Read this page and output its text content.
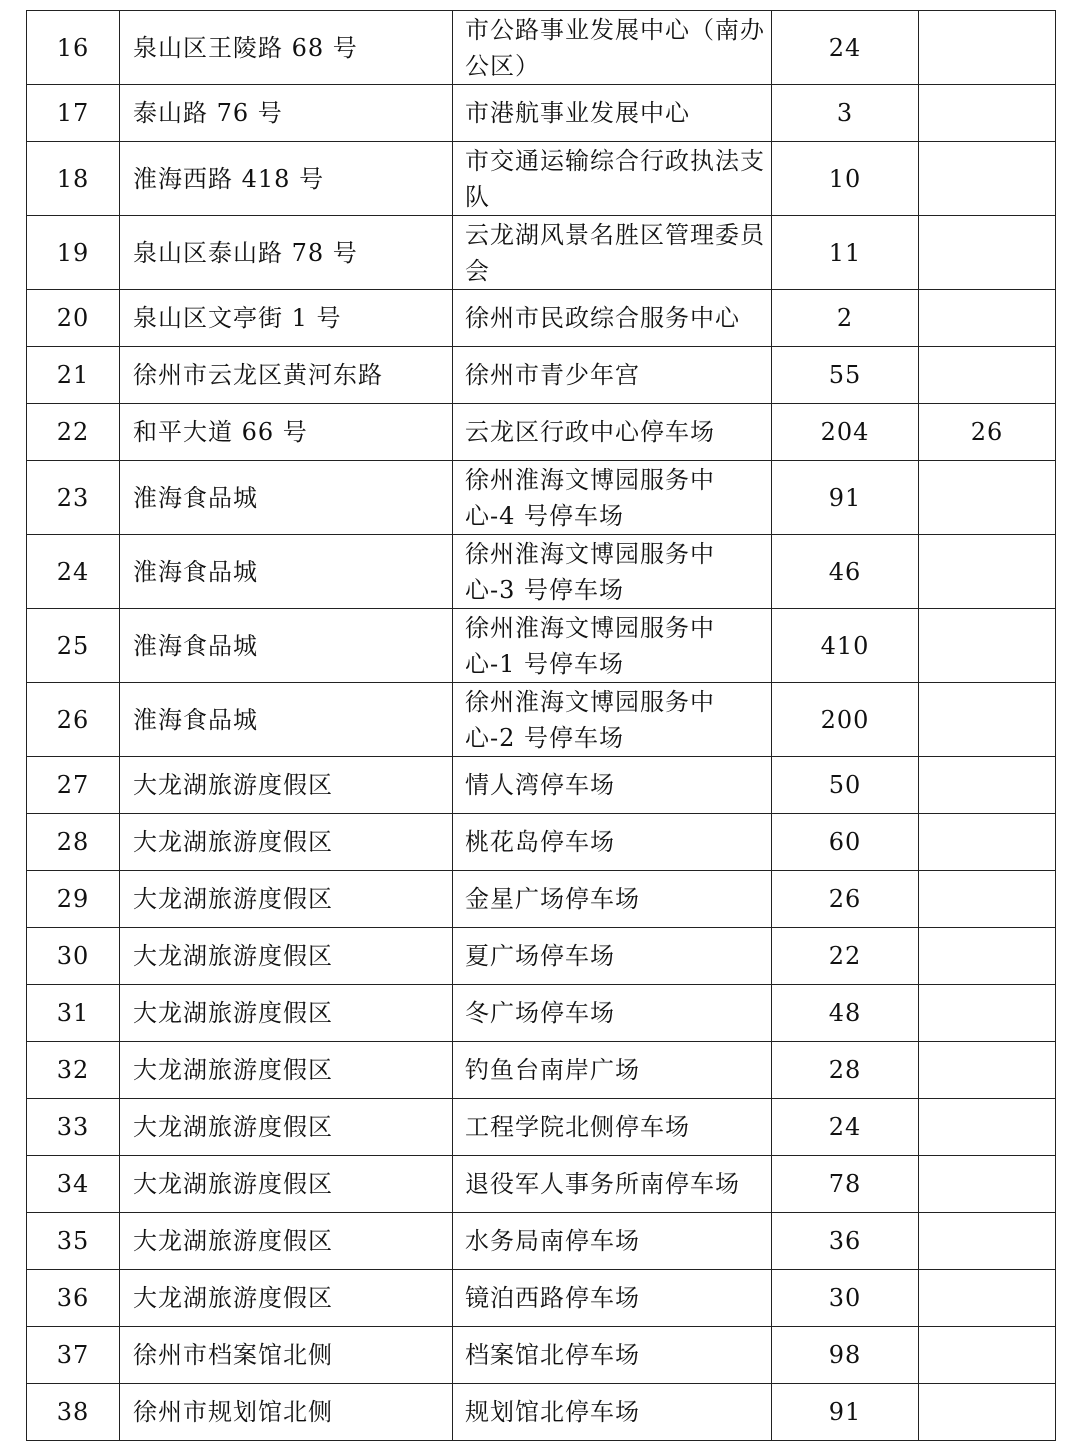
16	泉山区王陵路 68 号	市公路事业发展中心（南办公区）	24	
17	泰山路 76 号	市港航事业发展中心	3	
18	淮海西路 418 号	市交通运输综合行政执法支队	10	
19	泉山区泰山路 78 号	云龙湖风景名胜区管理委员会	11	
20	泉山区文亭街 1 号	徐州市民政综合服务中心	2	
21	徐州市云龙区黄河东路	徐州市青少年宫	55	
22	和平大道 66 号	云龙区行政中心停车场	204	26
23	淮海食品城	徐州淮海文博园服务中心-4 号停车场	91	
24	淮海食品城	徐州淮海文博园服务中心-3 号停车场	46	
25	淮海食品城	徐州淮海文博园服务中心-1 号停车场	410	
26	淮海食品城	徐州淮海文博园服务中心-2 号停车场	200	
27	大龙湖旅游度假区	情人湾停车场	50	
28	大龙湖旅游度假区	桃花岛停车场	60	
29	大龙湖旅游度假区	金星广场停车场	26	
30	大龙湖旅游度假区	夏广场停车场	22	
31	大龙湖旅游度假区	冬广场停车场	48	
32	大龙湖旅游度假区	钓鱼台南岸广场	28	
33	大龙湖旅游度假区	工程学院北侧停车场	24	
34	大龙湖旅游度假区	退役军人事务所南停车场	78	
35	大龙湖旅游度假区	水务局南停车场	36	
36	大龙湖旅游度假区	镜泊西路停车场	30	
37	徐州市档案馆北侧	档案馆北停车场	98	
38	徐州市规划馆北侧	规划馆北停车场	91	
